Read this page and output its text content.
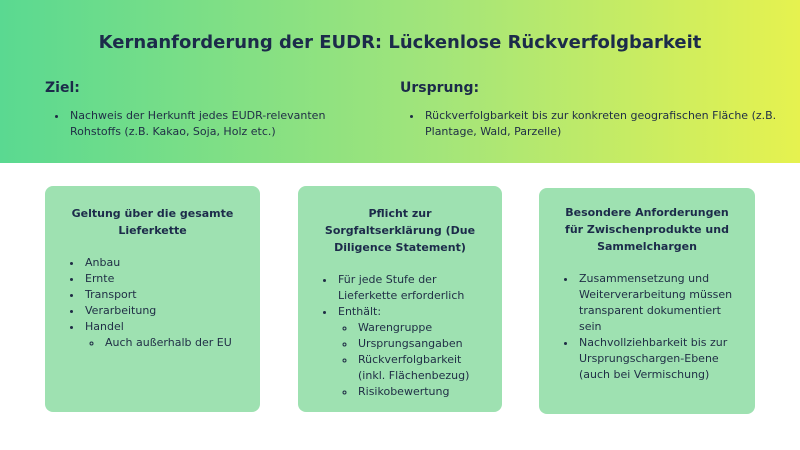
Kernanforderung der EUDR: Lückenlose Rückverfolgbarkeit
Ziel:
• Nachweis der Herkunft jedes EUDR-relevanten Rohstoffs (z.B. Kakao, Soja, Holz etc.)
Ursprung:
• Rückverfolgbarkeit bis zur konkreten geografischen Fläche (z.B. Plantage, Wald, Parzelle)
Geltung über die gesamte Lieferkette
• Anbau
• Ernte
• Transport
• Verarbeitung
• Handel
◦ Auch außerhalb der EU
Pflicht zur Sorgfaltserklärung (Due Diligence Statement)
• Für jede Stufe der Lieferkette erforderlich
• Enthält:
◦ Warengruppe
◦ Ursprungsangaben
◦ Rückverfolgbarkeit (inkl. Flächenbezug)
◦ Risikobewertung
Besondere Anforderungen für Zwischenprodukte und Sammelchargen
• Zusammensetzung und Weiterverarbeitung müssen transparent dokumentiert sein
• Nachvollziehbarkeit bis zur Ursprungschargen-Ebene (auch bei Vermischung)
